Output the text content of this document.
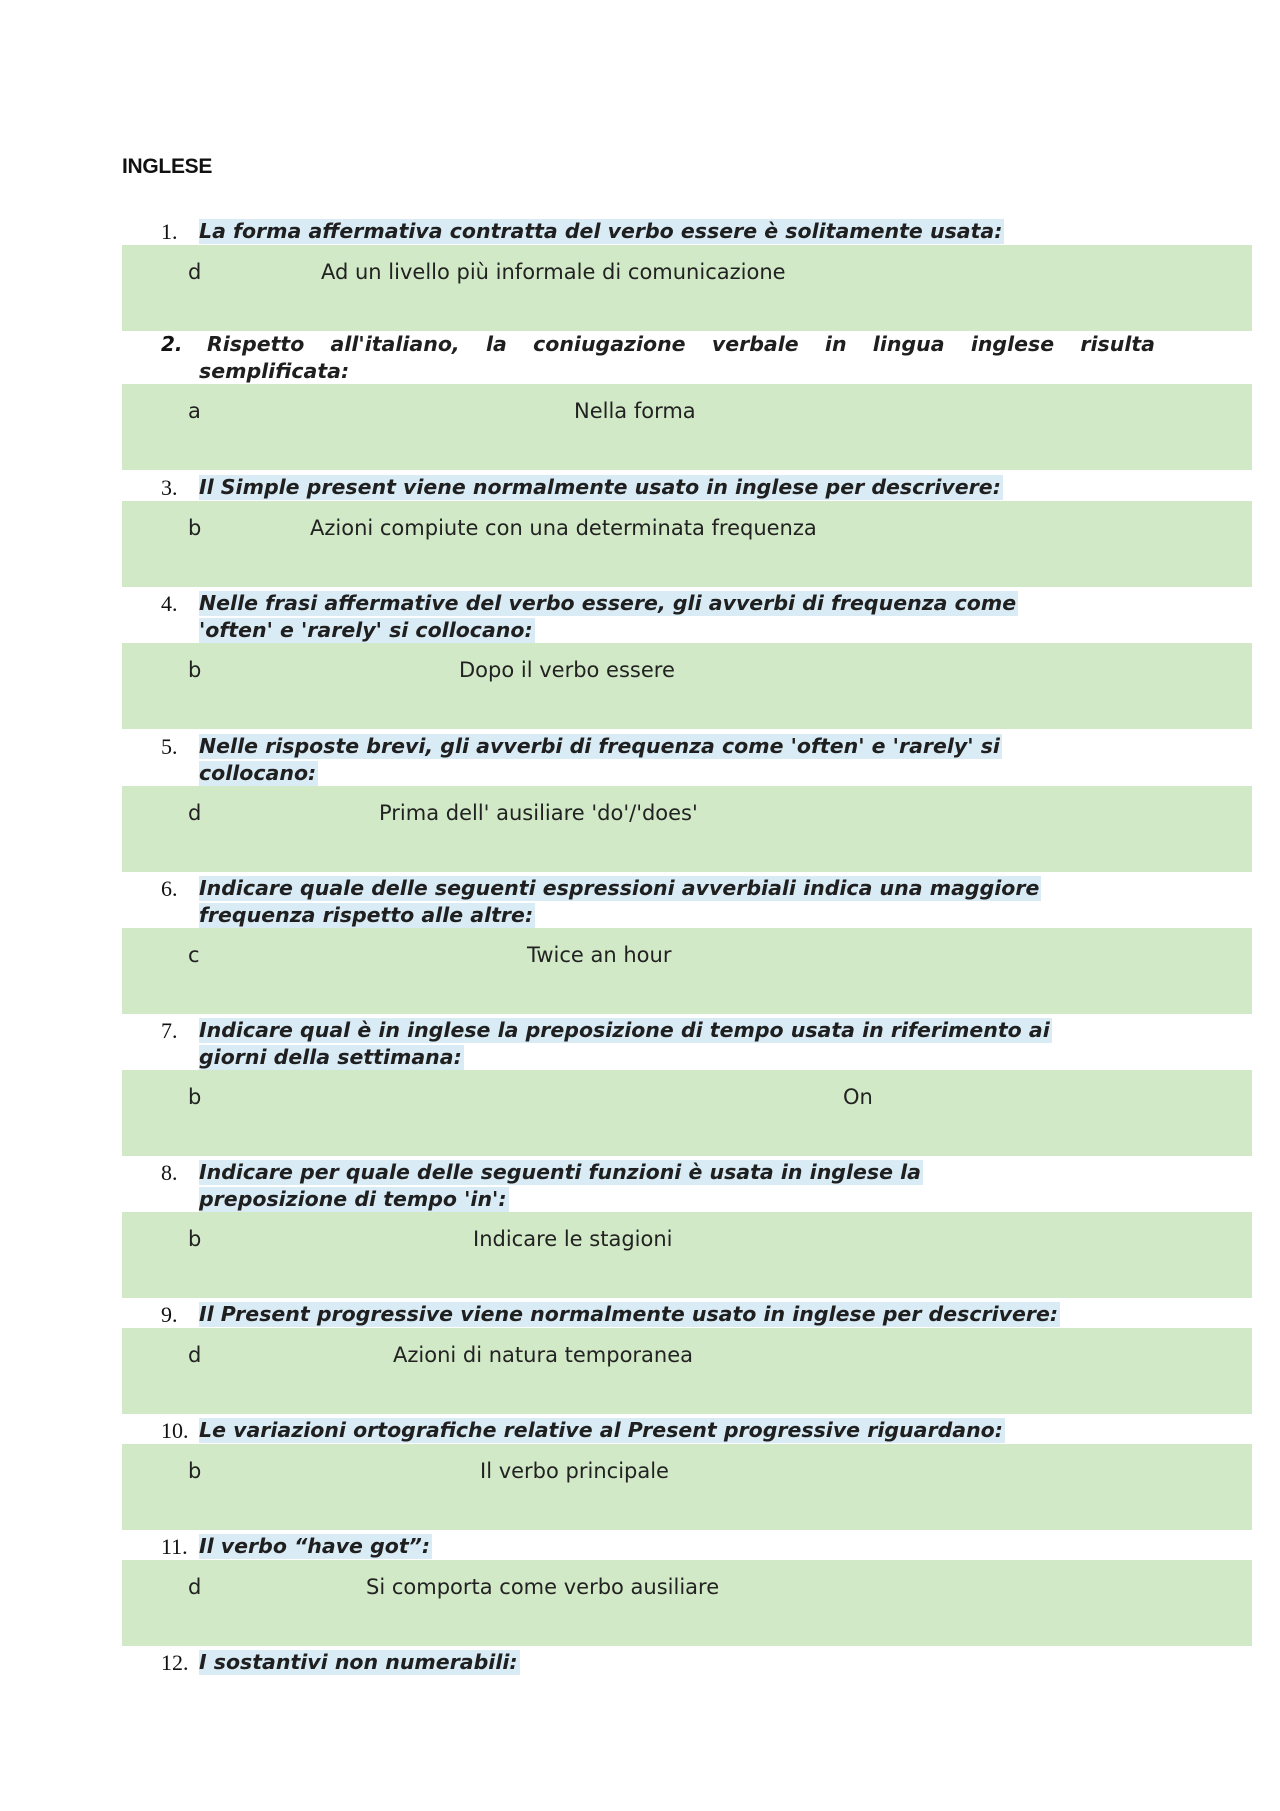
INGLESE
1. La forma affermativa contratta del verbo essere è solitamente usata:
d	Ad un livello più informale di comunicazione
2. Rispetto all'italiano, la coniugazione verbale in lingua inglese risulta
semplificata:
a	Nella forma
3. Il Simple present viene normalmente usato in inglese per descrivere:
b	Azioni compiute con una determinata frequenza
4. Nelle frasi affermative del verbo essere, gli avverbi di frequenza come
'often' e 'rarely' si collocano:
b	Dopo il verbo essere
5. Nelle risposte brevi, gli avverbi di frequenza come 'often' e 'rarely' si
collocano:
d	Prima dell' ausiliare 'do'/'does'
6. Indicare quale delle seguenti espressioni avverbiali indica una maggiore
frequenza rispetto alle altre:
c	Twice an hour
7. Indicare qual è in inglese la preposizione di tempo usata in riferimento ai
giorni della settimana:
b	On
8. Indicare per quale delle seguenti funzioni è usata in inglese la
preposizione di tempo 'in':
b	Indicare le stagioni
9. Il Present progressive viene normalmente usato in inglese per descrivere:
d	Azioni di natura temporanea
10. Le variazioni ortografiche relative al Present progressive riguardano:
b	Il verbo principale
11. Il verbo “have got”:
d	Si comporta come verbo ausiliare
12. I sostantivi non numerabili:
